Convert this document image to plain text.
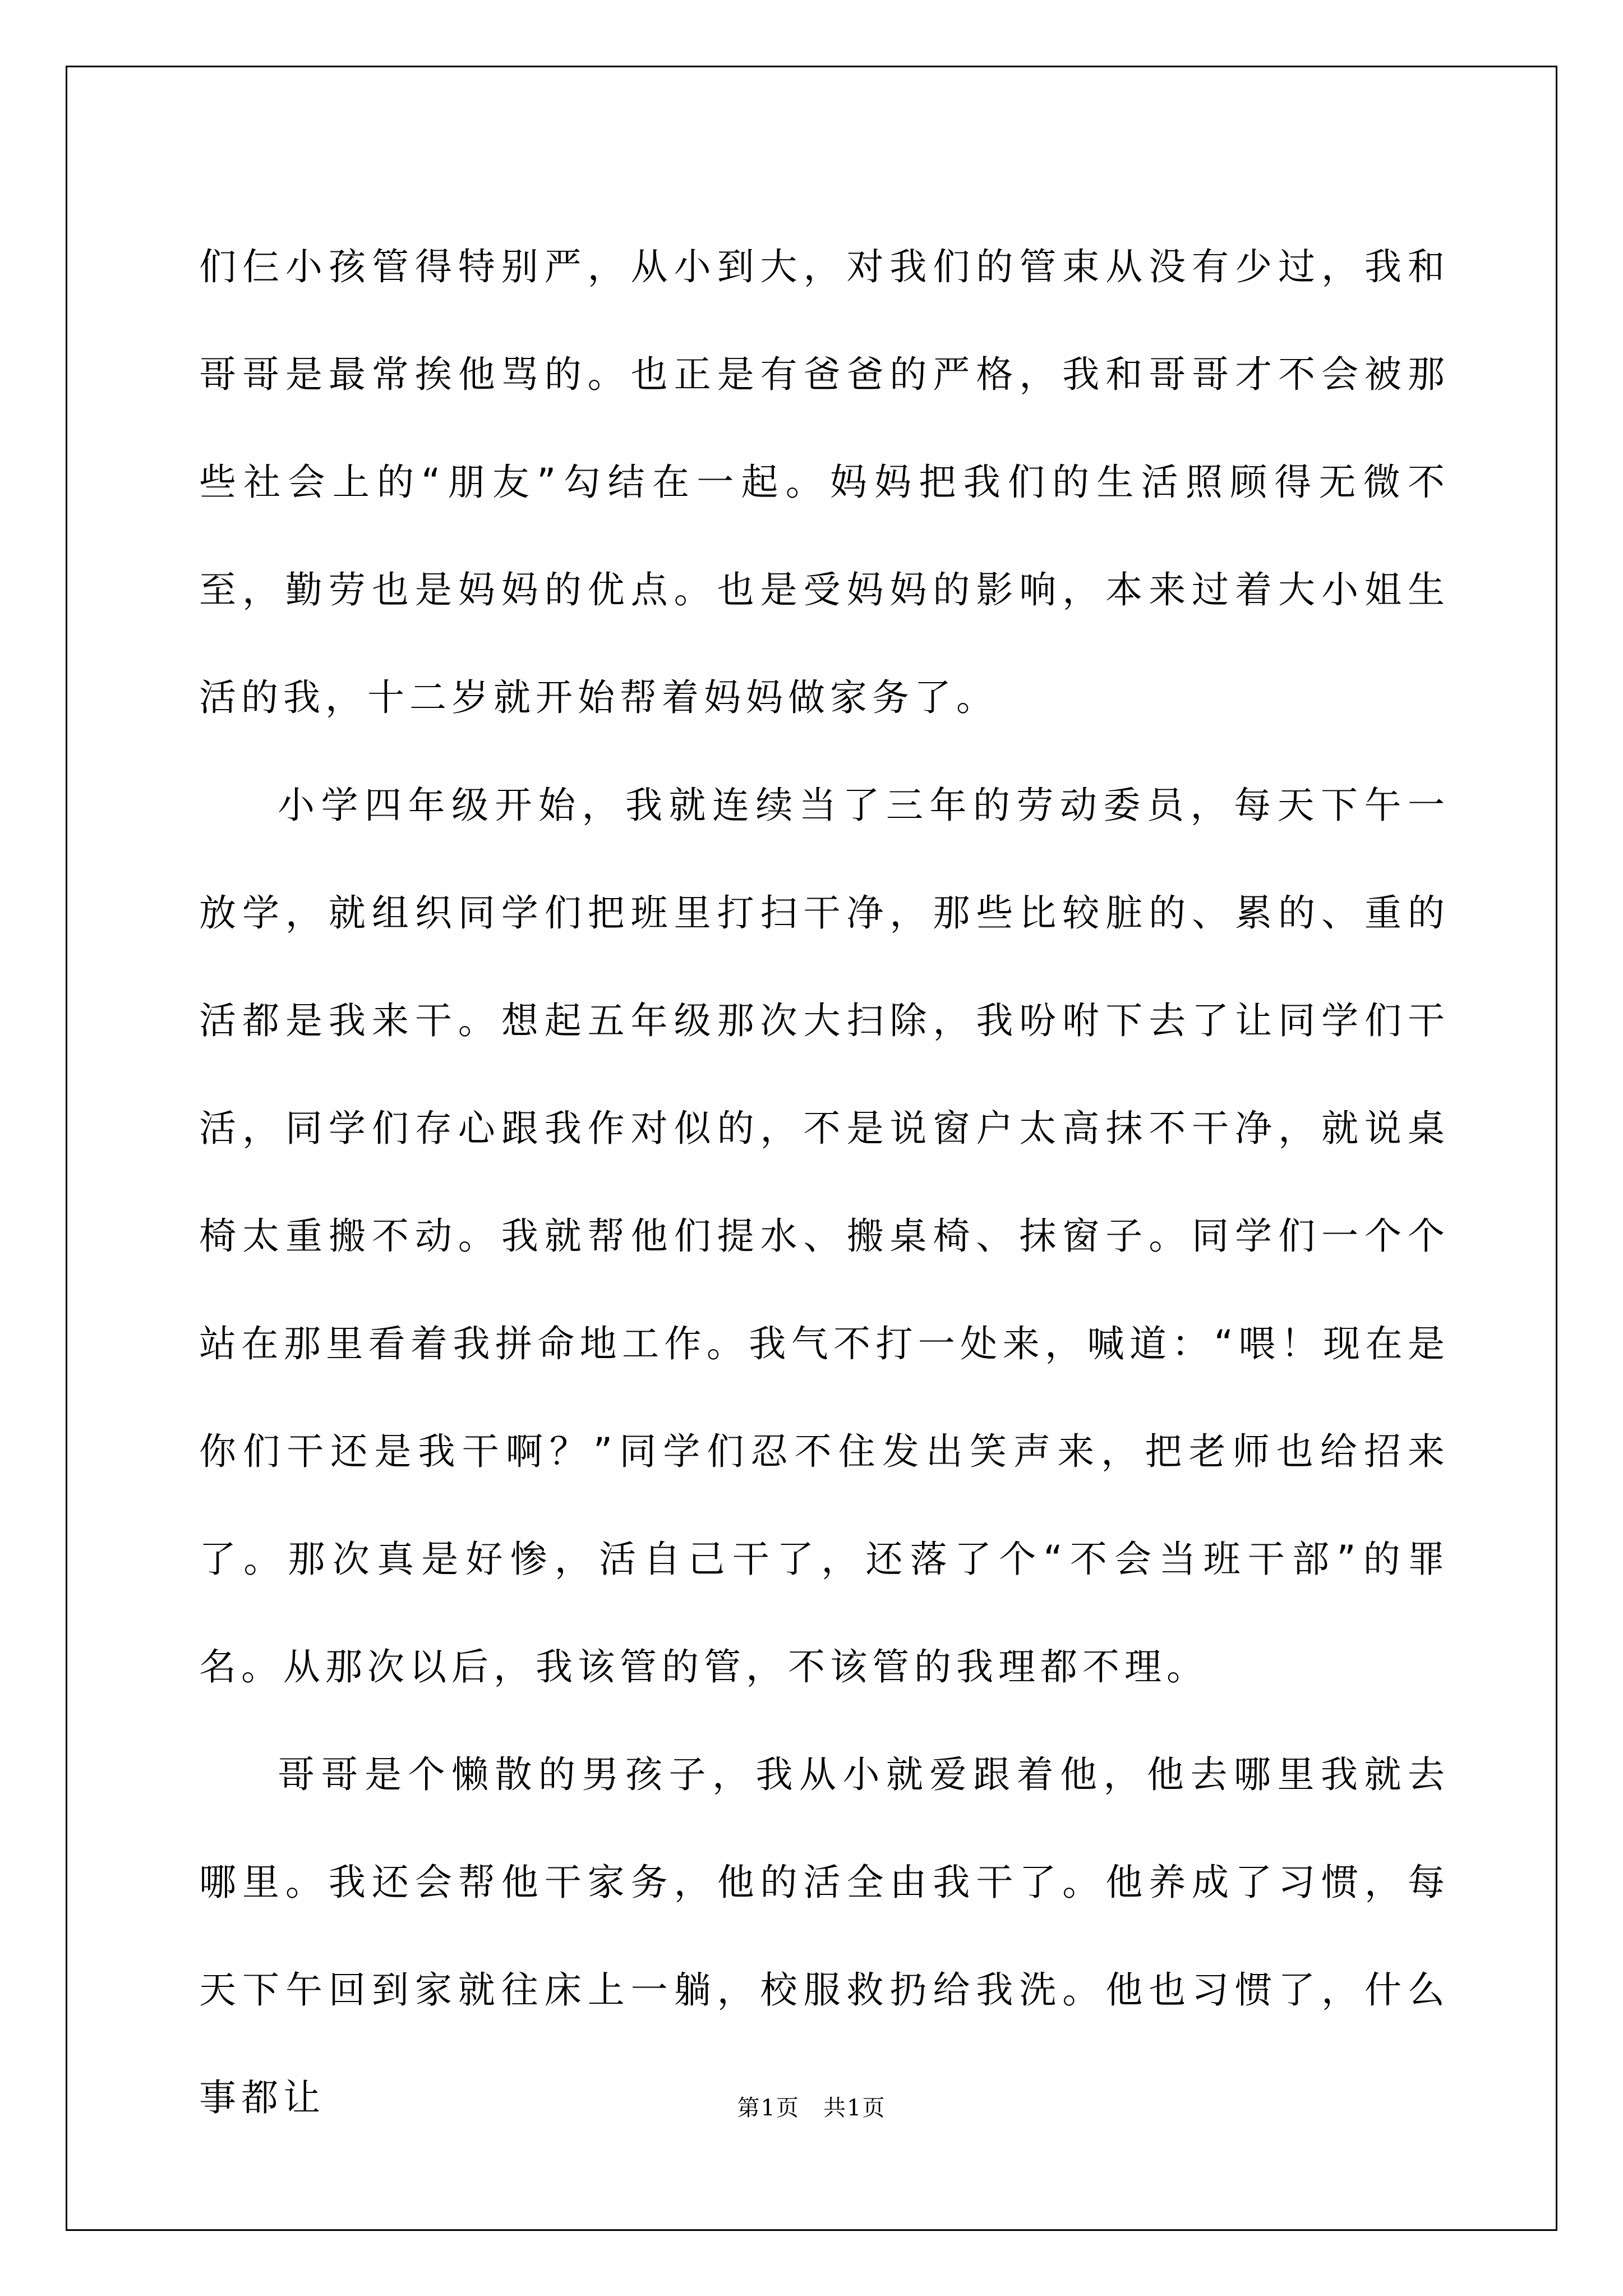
们仨小孩管得特别严，从小到大，对我们的管束从没有少过，我和哥哥是最常挨他骂的。也正是有爸爸的严格，我和哥哥才不会被那些社会上的“朋友”勾结在一起。妈妈把我们的生活照顾得无微不至，勤劳也是妈妈的优点。也是受妈妈的影响，本来过着大小姐生活的我，十二岁就开始帮着妈妈做家务了。

小学四年级开始，我就连续当了三年的劳动委员，每天下午一放学，就组织同学们把班里打扫干净，那些比较脏的、累的、重的活都是我来干。想起五年级那次大扫除，我吩咐下去了让同学们干活，同学们存心跟我作对似的，不是说窗户太高抹不干净，就说桌椅太重搬不动。我就帮他们提水、搬桌椅、抹窗子。同学们一个个站在那里看着我拼命地工作。我气不打一处来，喊道：“喂！现在是你们干还是我干啊？”同学们忍不住发出笑声来，把老师也给招来了。那次真是好惨，活自己干了，还落了个“不会当班干部”的罪名。从那次以后，我该管的管，不该管的我理都不理。

哥哥是个懒散的男孩子，我从小就爱跟着他，他去哪里我就去哪里。我还会帮他干家务，他的活全由我干了。他养成了习惯，每天下午回到家就往床上一躺，校服救扔给我洗。他也习惯了，什么事都让	第1页　共1页
